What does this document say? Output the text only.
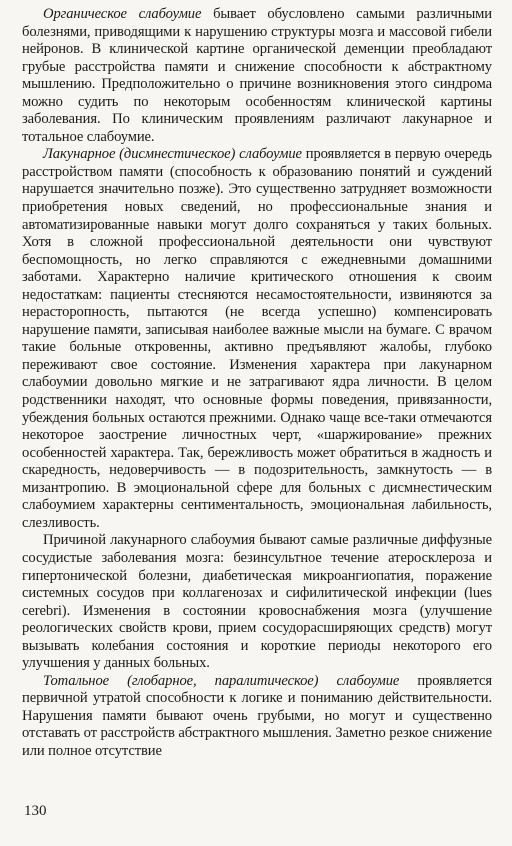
Органическое слабоумие бывает обусловлено самыми различными болезнями, приводящими к нарушению структуры мозга и массовой гибели нейронов. В клинической картине органической деменции преобладают грубые расстройства памяти и снижение способности к абстрактному мышлению. Предположительно о причине возникновения этого синдрома можно судить по некоторым особенностям клинической картины заболевания. По клиническим проявлениям различают лакунарное и тотальное слабоумие.

Лакунарное (дисмнестическое) слабоумие проявляется в первую очередь расстройством памяти (способность к образованию понятий и суждений нарушается значительно позже). Это существенно затрудняет возможности приобретения новых сведений, но профессиональные знания и автоматизированные навыки могут долго сохраняться у таких больных. Хотя в сложной профессиональной деятельности они чувствуют беспомощность, но легко справляются с ежедневными домашними заботами. Характерно наличие критического отношения к своим недостаткам: пациенты стесняются несамостоятельности, извиняются за нерасторопность, пытаются (не всегда успешно) компенсировать нарушение памяти, записывая наиболее важные мысли на бумаге. С врачом такие больные откровенны, активно предъявляют жалобы, глубоко переживают свое состояние. Изменения характера при лакунарном слабоумии довольно мягкие и не затрагивают ядра личности. В целом родственники находят, что основные формы поведения, привязанности, убеждения больных остаются прежними. Однако чаще все-таки отмечаются некоторое заострение личностных черт, «шаржирование» прежних особенностей характера. Так, бережливость может обратиться в жадность и скаредность, недоверчивость — в подозрительность, замкнутость — в мизантропию. В эмоциональной сфере для больных с дисмнестическим слабоумием характерны сентиментальность, эмоциональная лабильность, слезливость.

Причиной лакунарного слабоумия бывают самые различные диффузные сосудистые заболевания мозга: безинсультное течение атеросклероза и гипертонической болезни, диабетическая микроангиопатия, поражение системных сосудов при коллагенозах и сифилитической инфекции (lues cerebri). Изменения в состоянии кровоснабжения мозга (улучшение реологических свойств крови, прием сосудорасширяющих средств) могут вызывать колебания состояния и короткие периоды некоторого его улучшения у данных больных.

Тотальное (глобарное, паралитическое) слабоумие проявляется первичной утратой способности к логике и пониманию действительности. Нарушения памяти бывают очень грубыми, но могут и существенно отставать от расстройств абстрактного мышления. Заметно резкое снижение или полное отсутствие

130
